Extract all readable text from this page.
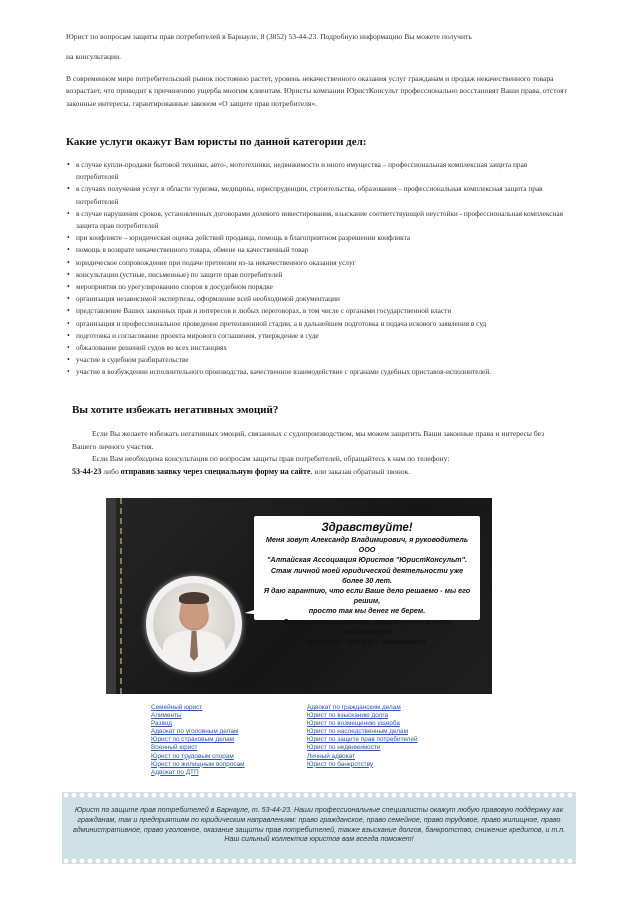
Юрист по вопросам защиты прав потребителей в Барнауле, 8 (3852) 53-44-23. Подробную информацию Вы можете получить

на консультации.

В современном мире потребительский рынок постоянно растет, уровень некачественного оказания услуг гражданам и продаж некачественного товара возрастает, что приводит к причинению ущерба многим клиентам. Юристы компании ЮристКонсульт профессионально восстановят Ваши права, отстоят законные интересы, гарантированные законом «О защите прав потребителя».

Какие услуги окажут Вам юристы по данной категории дел:
• в случае купли-продажи бытовой техники, авто-, мототехники, недвижимости и иного имущества – профессиональная комплексная защита прав потребителей
• в случаях получения услуг в области туризма, медицины, юриспруденции, строительства, образования – профессиональная комплексная защита прав потребителей
• в случае нарушения сроков, установленных договорами долевого инвестирования, взыскание соответствующей неустойки - профессиональная комплексная защита прав потребителей
• при конфликте – юридическая оценка действий продавца, помощь в благоприятном разрешении конфликта
• помощь в возврате некачественного товара, обмене на качественный товар
• юридическое сопровождение при подаче претензии из-за некачественного оказания услуг
• консультации (устные, письменные) по защите прав потребителей
• мероприятия по урегулированию споров в досудебном порядке
• организация независимой экспертизы, оформление всей необходимой документации
• представление Ваших законных прав и интересов в любых переговорах, в том числе с органами государственной власти
• организация и профессиональное проведение претензионной стадии, а в дальнейшем подготовка и подача искового заявления в суд
• подготовка и согласование проекта мирового соглашения, утверждение в суде
• обжалование решений судов во всех инстанциях
• участие в судебном разбирательстве
• участие в возбуждении исполнительного производства, качественное взаимодействие с органами судебных приставов-исполнителей.
Вы хотите избежать негативных эмоций?

Если Вы желаете избежать негативных эмоций, связанных с судопроизводством, мы можем защитить Ваши законные права и интересы без Вашего личного участия.

Если Вам необходима консультация по вопросам защиты прав потребителей, обращайтесь к нам по телефону:
53-44-23 либо отправив заявку через специальную форму на сайте, или заказав обратный звонок.

Здравствуйте!
Меня зовут Александр Владимирович, я руководитель ООО
"Алтайская Ассоциация Юристов "ЮристКонсульт".
Стаж личной моей юридической деятельности уже более 30 лет.
Я даю гарантию, что если Ваше дело решаемо - мы его решим,
просто так мы денег не берем.
Для нас важно искренне помочь решить вашу юридическую
проблему. Чем мы и занимаемся.
Семейный юрист
Алименты
Развод
Адвокат по уголовным делам
Юрист по страховым делам
Военный юрист
Юрист по трудовым спорам
Юрист по жилищным вопросам
Адвокат по ДТП
Адвокат по гражданским делам
Юрист по взысканию долга
Юрист по возмещению ущерба
Юрист по наследственным делам
Юрист по защите прав потребителей
Юрист по недвижимости
Личный адвокат
Юрист по банкротству
Юрист по защите прав потребителей в Барнауле, т. 53-44-23. Наши профессиональные специалисты окажут любую правовую поддержку как гражданам, так и предприятиям по юридическим направлениям: право гражданское, право семейное, право трудовое, право жилищное, право административное, право уголовное, оказание защиты прав потребителей, также взыскание долгов, банкротство, снижение кредитов, и т.п. Наш сильный коллектив юристов вам всегда поможет!
